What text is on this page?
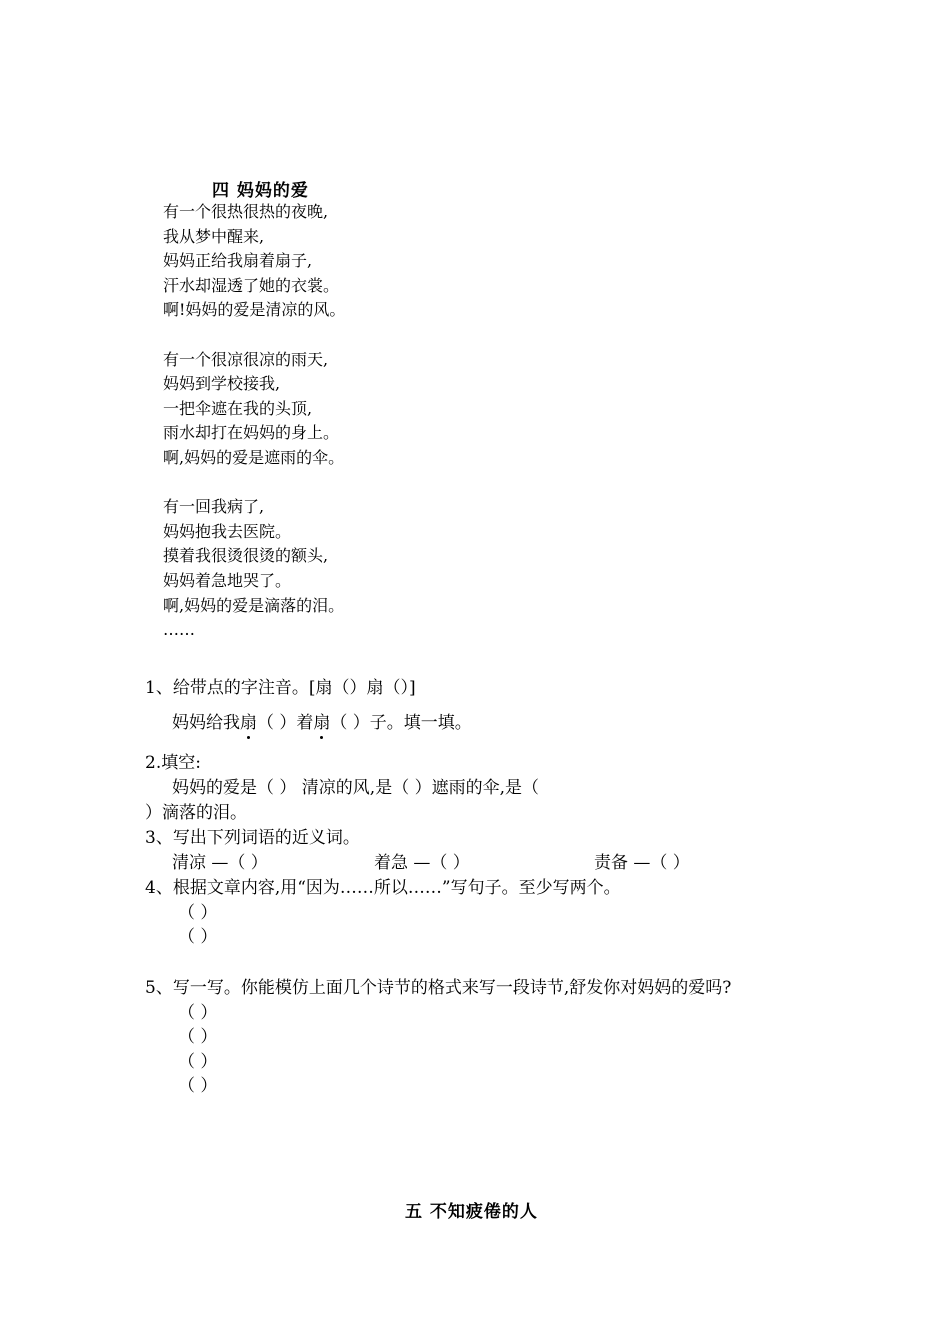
四 妈妈的爱
有一个很热很热的夜晚,
我从梦中醒来,
妈妈正给我扇着扇子,
汗水却湿透了她的衣裳。
啊!妈妈的爱是清凉的风。

有一个很凉很凉的雨天,
妈妈到学校接我,
一把伞遮在我的头顶,
雨水却打在妈妈的身上。
啊,妈妈的爱是遮雨的伞。

有一回我病了,
妈妈抱我去医院。
摸着我很烫很烫的额头,
妈妈着急地哭了。
啊,妈妈的爱是滴落的泪。
……
1、给带点的字注音。[扇（）扇（）]
妈妈给我扇（ ）着扇（ ）子。填一填。
2.填空:
妈妈的爱是（ ） 清凉的风,是（ ）遮雨的伞,是（
）滴落的泪。
3、写出下列词语的近义词。
清凉 —（ ）	着急 —（ ）	责备 —（ ）
4、根据文章内容,用“因为……所以……”写句子。至少写两个。
（ ）
（ ）
5、写一写。你能模仿上面几个诗节的格式来写一段诗节,舒发你对妈妈的爱吗?
（ ）
（ ）
（ ）
（ ）
五 不知疲倦的人
